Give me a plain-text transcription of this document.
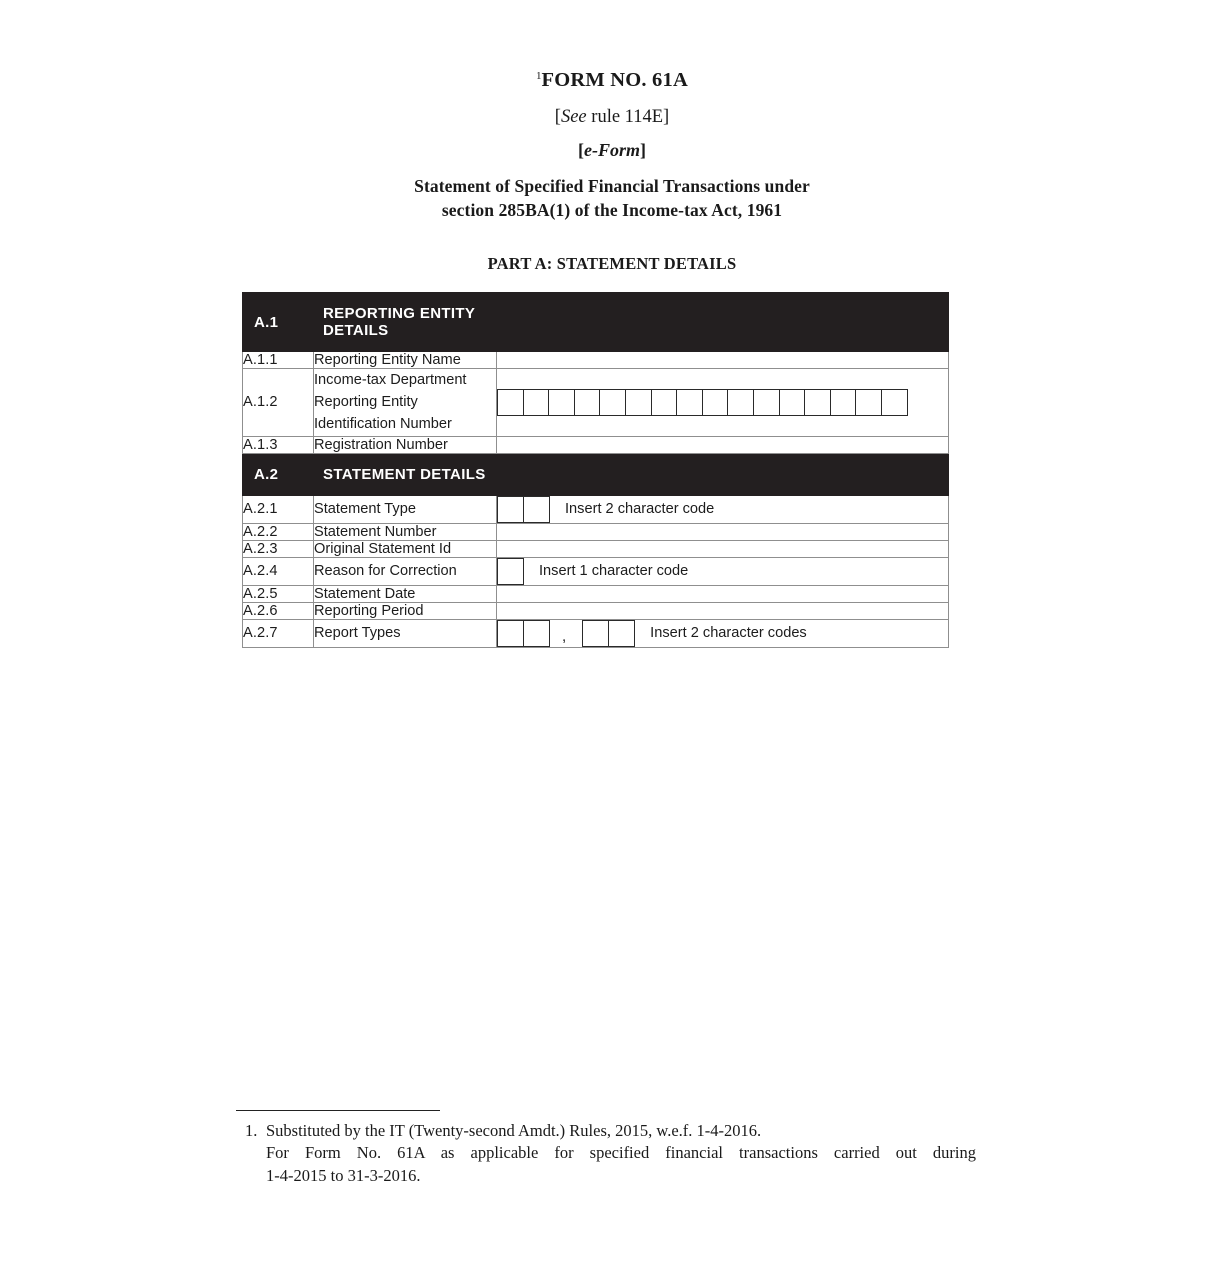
$^1$FORM NO. 61A

[See rule 114E]

[e-Form]

Statement of Specified Financial Transactions under
section 285BA(1) of the Income-tax Act, 1961

PART A: STATEMENT DETAILS

A.1	REPORTING ENTITY DETAILS	
A.1.1	Reporting Entity Name	
A.1.2	Income-tax Department
Reporting Entity
Identification Number	

A.1.3	Registration Number	
A.2	STATEMENT DETAILS	
A.2.1	Statement Type	Insert 2 character code

A.2.2	Statement Number	
A.2.3	Original Statement Id	
A.2.4	Reason for Correction	Insert 1 character code

A.2.5	Statement Date	
A.2.6	Reporting Period	
A.2.7	Report Types	, Insert 2 character codes
1. Substituted by the IT (Twenty-second Amdt.) Rules, 2015, w.e.f. 1-4-2016.

For Form No. 61A as applicable for specified financial transactions carried out during

1-4-2015 to 31-3-2016.
